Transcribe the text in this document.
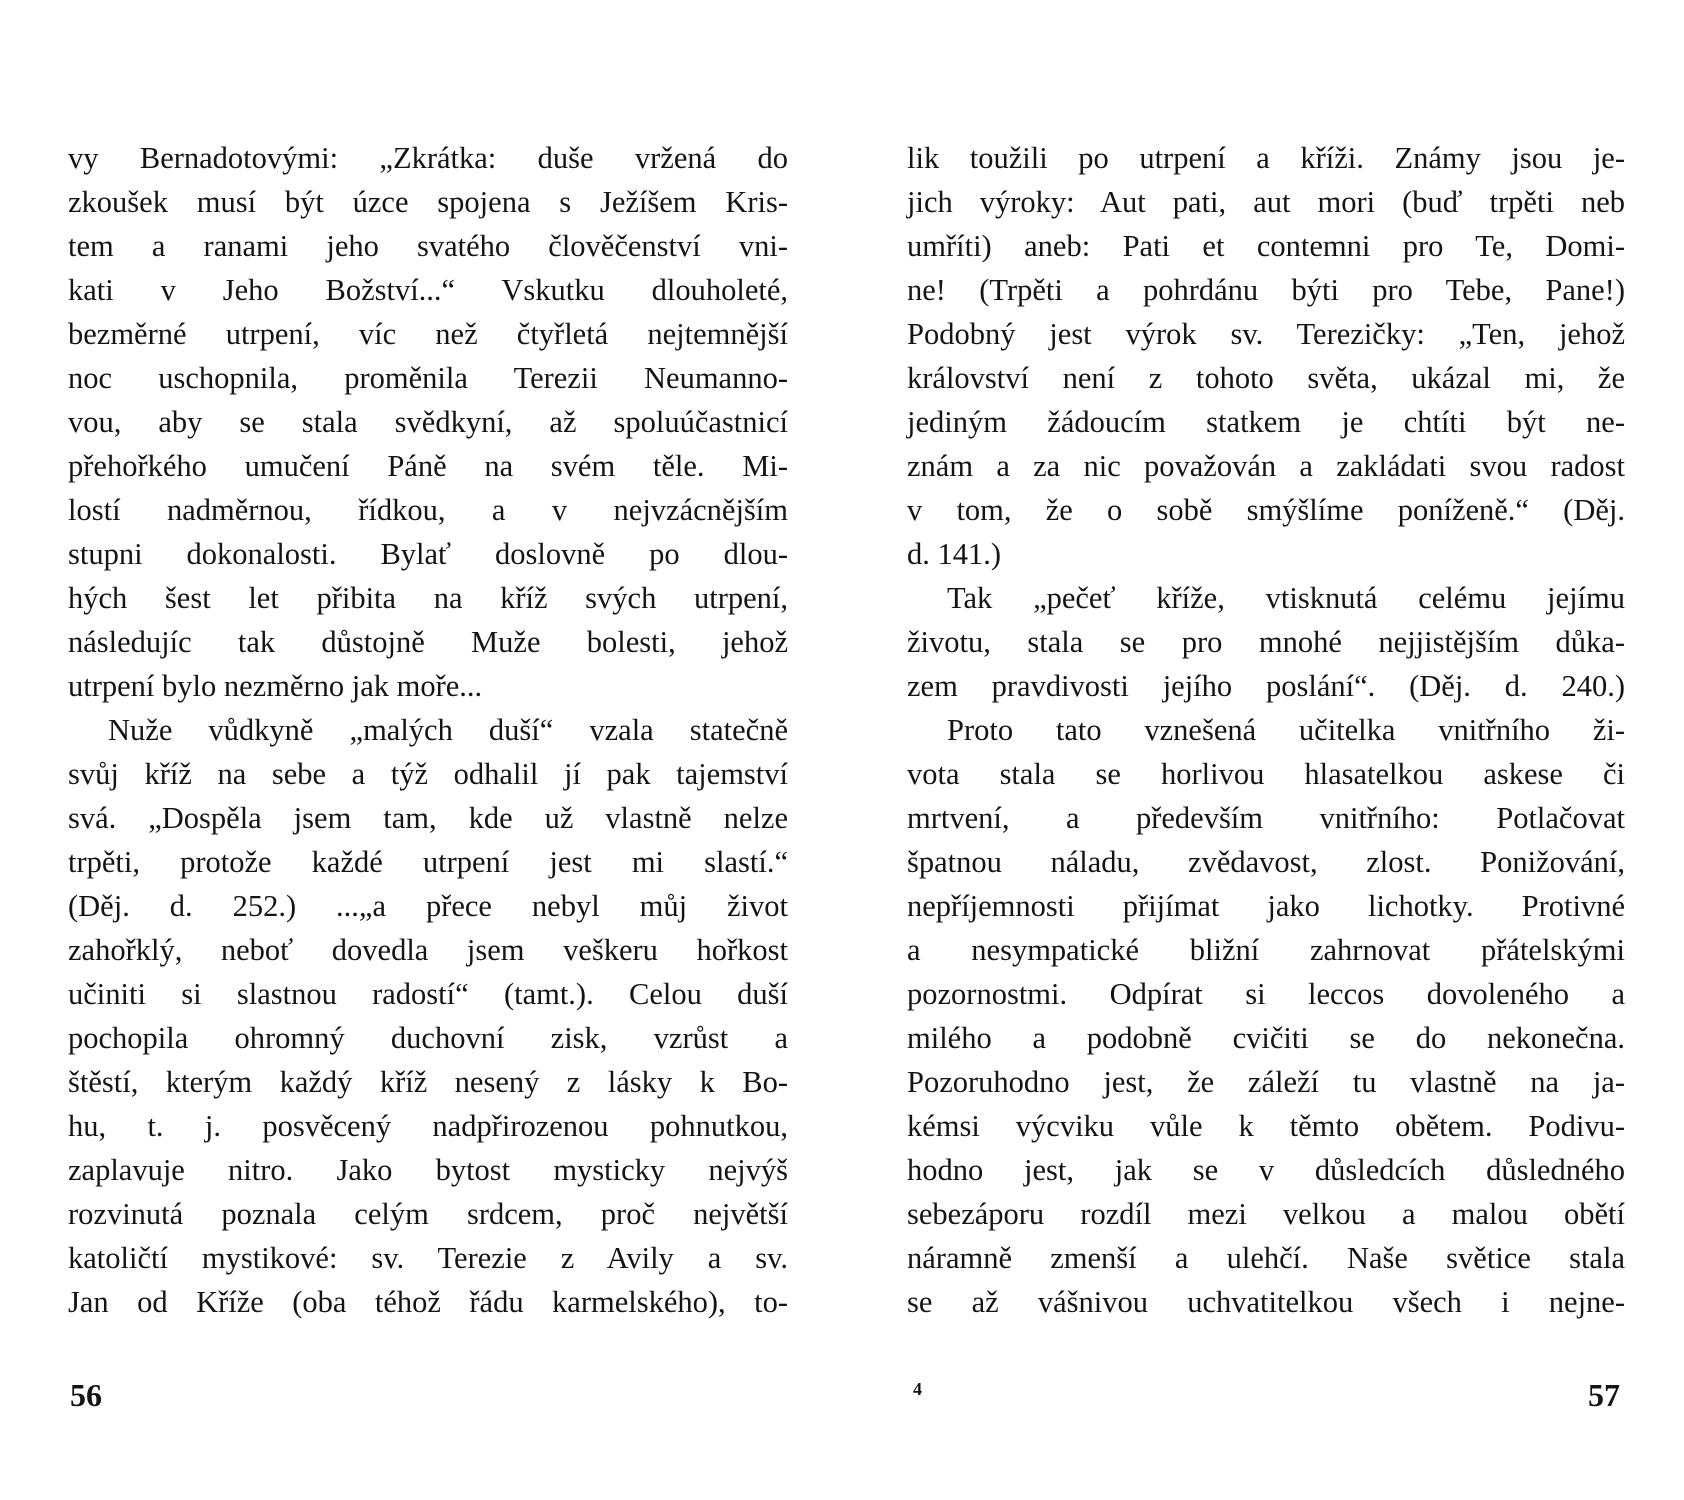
vy Bernadotovými: „Zkrátka: duše vržená do
zkoušek musí být úzce spojena s Ježíšem Kris-
tem a ranami jeho svatého člověčenství vni-
kati v Jeho Božství...“ Vskutku dlouholeté,
bezměrné utrpení, víc než čtyřletá nejtemnější
noc uschopnila, proměnila Terezii Neumanno-
vou, aby se stala svědkyní, až spoluúčastnicí
přehořkého umučení Páně na svém těle. Mi-
lostí nadměrnou, řídkou, a v nejvzácnějším
stupni dokonalosti. Bylať doslovně po dlou-
hých šest let přibita na kříž svých utrpení,
následujíc tak důstojně Muže bolesti, jehož
utrpení bylo nezměrno jak moře...
Nuže vůdkyně „malých duší“ vzala statečně
svůj kříž na sebe a týž odhalil jí pak tajemství
svá. „Dospěla jsem tam, kde už vlastně nelze
trpěti, protože každé utrpení jest mi slastí.“
(Děj. d. 252.) ...„a přece nebyl můj život
zahořklý, neboť dovedla jsem veškeru hořkost
učiniti si slastnou radostí“ (tamt.). Celou duší
pochopila ohromný duchovní zisk, vzrůst a
štěstí, kterým každý kříž nesený z lásky k Bo-
hu, t. j. posvěcený nadpřirozenou pohnutkou,
zaplavuje nitro. Jako bytost mysticky nejvýš
rozvinutá poznala celým srdcem, proč největší
katoličtí mystikové: sv. Terezie z Avily a sv.
Jan od Kříže (oba téhož řádu karmelského), to-
lik toužili po utrpení a kříži. Známy jsou je-
jich výroky: Aut pati, aut mori (buď trpěti neb
umříti) aneb: Pati et contemni pro Te, Domi-
ne! (Trpěti a pohrdánu býti pro Tebe, Pane!)
Podobný jest výrok sv. Terezičky: „Ten, jehož
království není z tohoto světa, ukázal mi, že
jediným žádoucím statkem je chtíti být ne-
znám a za nic považován a zakládati svou radost
v tom, že o sobě smýšlíme poníženě.“ (Děj.
d. 141.)
Tak „pečeť kříže, vtisknutá celému jejímu
životu, stala se pro mnohé nejjistějším důka-
zem pravdivosti jejího poslání“. (Děj. d. 240.)
Proto tato vznešená učitelka vnitřního ži-
vota stala se horlivou hlasatelkou askese či
mrtvení, a především vnitřního: Potlačovat
špatnou náladu, zvědavost, zlost. Ponižování,
nepříjemnosti přijímat jako lichotky. Protivné
a nesympatické bližní zahrnovat přátelskými
pozornostmi. Odpírat si leccos dovoleného a
milého a podobně cvičiti se do nekonečna.
Pozoruhodno jest, že záleží tu vlastně na ja-
kémsi výcviku vůle k těmto obětem. Podivu-
hodno jest, jak se v důsledcích důsledného
sebezáporu rozdíl mezi velkou a malou obětí
náramně zmenší a ulehčí. Naše světice stala
se až vášnivou uchvatitelkou všech i nejne-
56	4	57
